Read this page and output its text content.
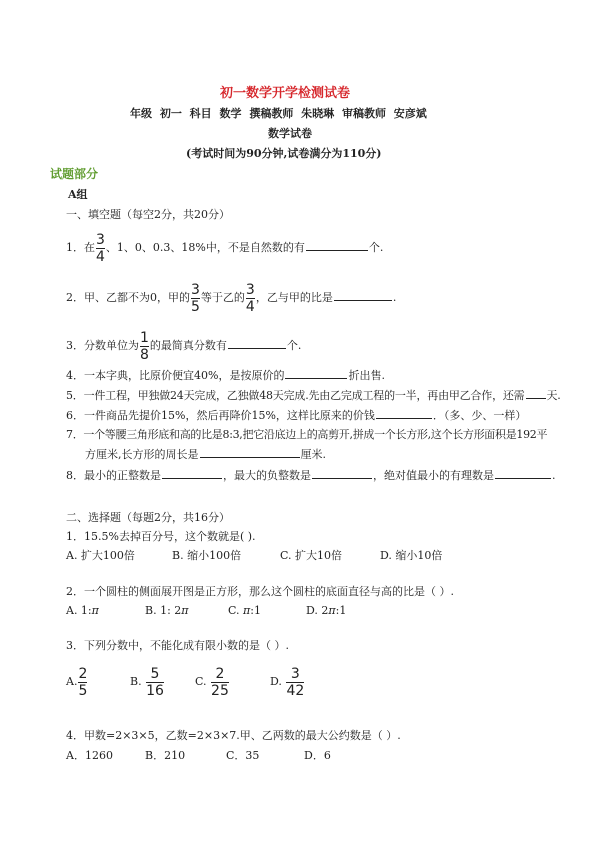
初一数学开学检测试卷
年级 初一 科目 数学 撰稿教师 朱晓琳 审稿教师 安彦斌
数学试卷
(考试时间为90分钟,试卷满分为110分)
试题部分
A组
一、填空题（每空2分，共20分）
1．在 $\frac{3}{4}$ 、1、0、0.3、18%中，不是自然数的有	个.
2．甲、乙都不为0，甲的 $\frac{3}{5}$ 等于乙的 $\frac{3}{4}$ ，乙与甲的比是	.
3．分数单位为 $\frac{1}{8}$ 的最简真分数有	个.
4．一本字典，比原价便宜40%，是按原价的	折出售.
5．一件工程，甲独做24天完成，乙独做48天完成.先由乙完成工程的一半，再由甲乙合作，还需 天.
6．一件商品先提价15%，然后再降价15%，这样比原来的价钱	．（多、少、一样）
7．一个等腰三角形底和高的比是8:3,把它沿底边上的高剪开,拼成一个长方形,这个长方形面积是192平
方厘米,长方形的周长是	厘米.
8．最小的正整数是	，最大的负整数是	，绝对值最小的有理数是	.
二、选择题（每题2分，共16分）
1．15.5%去掉百分号，这个数就是( ).
A. 扩大100倍	B. 缩小100倍	C. 扩大10倍	D. 缩小10倍
2．一个圆柱的侧面展开图是正方形，那么这个圆柱的底面直径与高的比是（ ）.
A. 1:π	B. 1: 2π	C. π:1	D. 2π:1
3．下列分数中，不能化成有限小数的是（ ）.
A. $\frac{2}{5}$	B. $\frac{5}{16}$	C. $\frac{2}{25}$	D. $\frac{3}{42}$
4．甲数=2×3×5，乙数=2×3×7.甲、乙两数的最大公约数是（ ）.
A．1260	B．210	C．35	D．6
